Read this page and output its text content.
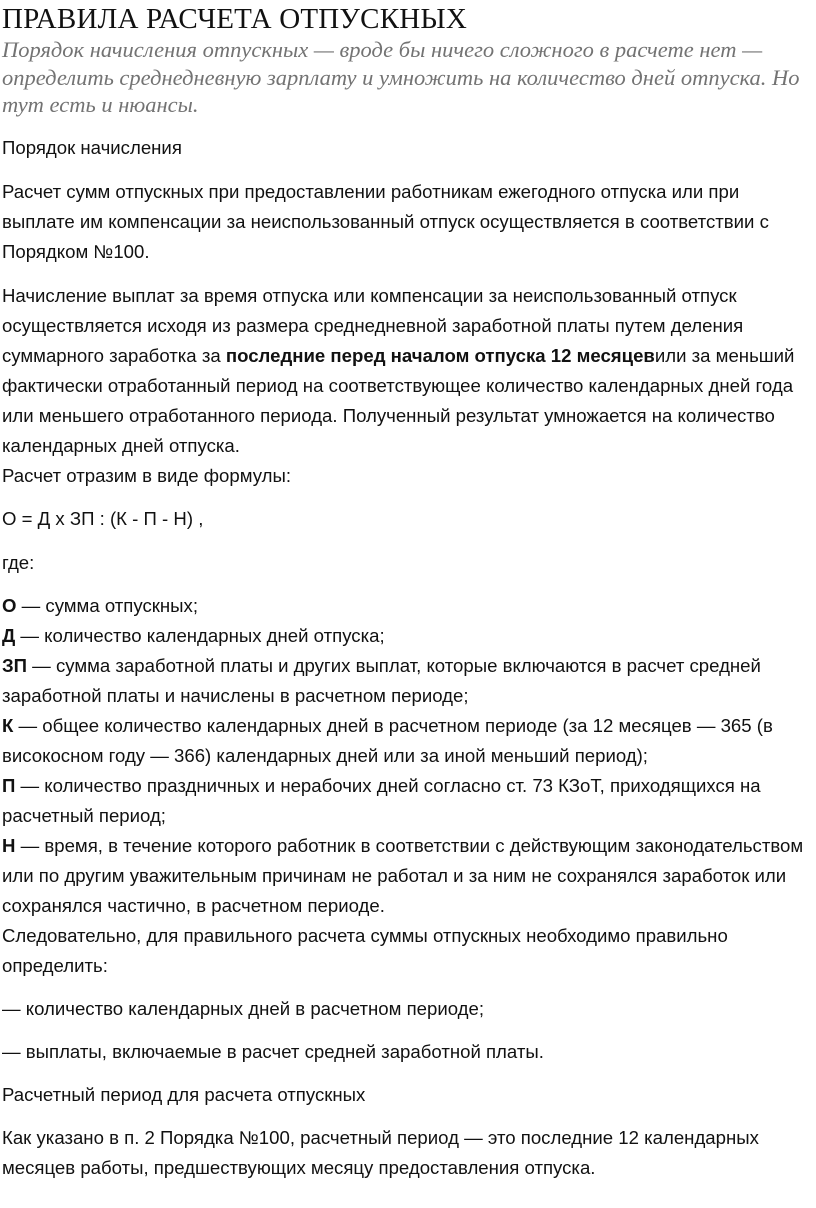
ПРАВИЛА РАСЧЕТА ОТПУСКНЫХ

Порядок начисления отпускных — вроде бы ничего сложного в расчете нет — определить среднедневную зарплату и умножить на количество дней отпуска. Но тут есть и нюансы.

Порядок начисления

Расчет сумм отпускных при предоставлении работникам ежегодного отпуска или при выплате им компенсации за неиспользованный отпуск осуществляется в соответствии с Порядком №100.

Начисление выплат за время отпуска или компенсации за неиспользованный отпуск осуществляется исходя из размера среднедневной заработной платы путем деления суммарного заработка за последние перед началом отпуска 12 месяцевили за меньший фактически отработанный период на соответствующее количество календарных дней года или меньшего отработанного периода. Полученный результат умножается на количество календарных дней отпуска.

Расчет отразим в виде формулы:

О = Д х ЗП : (К - П - Н) ,

где:

О — сумма отпускных;

Д — количество календарных дней отпуска;

ЗП — сумма заработной платы и других выплат, которые включаются в расчет средней заработной платы и начислены в расчетном периоде;

К — общее количество календарных дней в расчетном периоде (за 12 месяцев — 365 (в високосном году — 366) календарных дней или за иной меньший период);

П — количество праздничных и нерабочих дней согласно ст. 73 КЗоТ, приходящихся на расчетный период;

Н — время, в течение которого работник в соответствии с действующим законодательством или по другим уважительным причинам не работал и за ним не сохранялся заработок или сохранялся частично, в расчетном периоде.

Следовательно, для правильного расчета суммы отпускных необходимо правильно определить:

— количество календарных дней в расчетном периоде;

— выплаты, включаемые в расчет средней заработной платы.

Расчетный период для расчета отпускных

Как указано в п. 2 Порядка №100, расчетный период — это последние 12 календарных месяцев работы, предшествующих месяцу предоставления отпуска.
